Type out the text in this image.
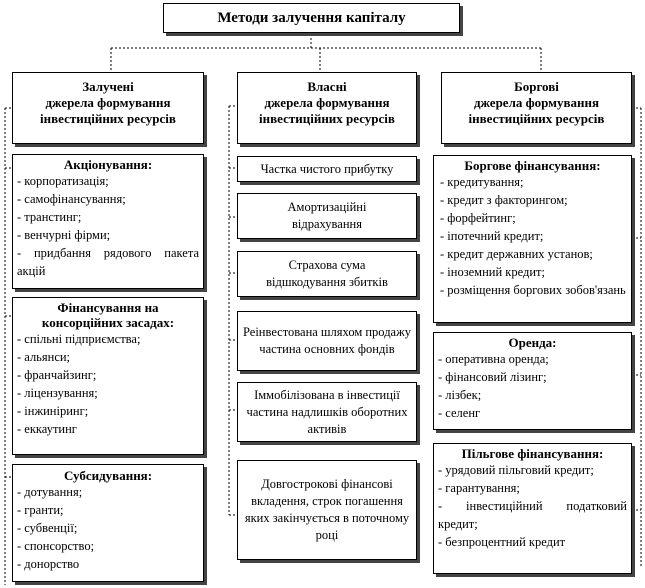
Методи залучення капіталу
Залучені
джерела формування
інвестиційних ресурсів
Власні
джерела формування
інвестиційних ресурсів
Боргові
джерела формування
інвестиційних ресурсів
Акціонування:
- корпоратизація;
- самофінансування;
- транстинг;
- венчурні фірми;
- придбання рядового пакета акцій
Фінансування на консорційних засадах:
- спільні підприємства;
- альянси;
- франчайзинг;
- ліцензування;
- інжиніринг;
- еккаутинг
Субсидування:
- дотування;
- гранти;
- субвенції;
- спонсорство;
- донорство
Частка чистого прибутку
Амортизаційні відрахування
Страхова сума відшкодування збитків
Реінвестована шляхом продажу частина основних фондів
Іммобілізована в інвестиції частина надлишків оборотних активів
Довгострокові фінансові вкладення, строк погашення яких закінчується в поточному році
Боргове фінансування:
- кредитування;
- кредит з факторингом;
- форфейтинг;
- іпотечний кредит;
- кредит державних установ;
- іноземний кредит;
- розміщення боргових зобов'язань
Оренда:
- оперативна оренда;
- фінансовий лізинг;
- лізбек;
- селенг
Пільгове фінансування:
- урядовий пільговий кредит;
- гарантування;
- інвестиційний податковий кредит;
- безпроцентний кредит
